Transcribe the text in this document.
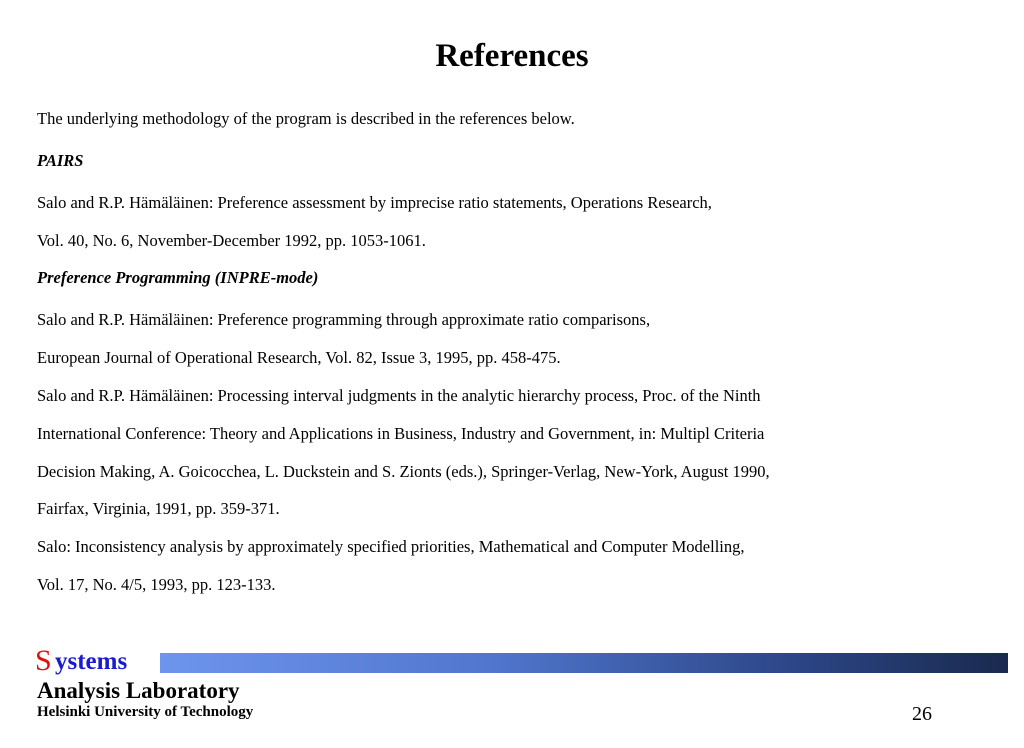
References
The underlying methodology of the program is described in the references below.
PAIRS
Salo and R.P. Hämäläinen: Preference assessment by imprecise ratio statements, Operations Research,
Vol. 40, No. 6, November-December 1992, pp. 1053-1061.
Preference Programming (INPRE-mode)
Salo and R.P. Hämäläinen: Preference programming through approximate ratio comparisons,
European Journal of Operational Research, Vol. 82, Issue 3, 1995, pp. 458-475.
Salo and R.P. Hämäläinen: Processing interval judgments in the analytic hierarchy process, Proc. of the Ninth
International Conference: Theory and Applications in Business, Industry and Government, in: Multipl Criteria
Decision Making, A. Goicocchea, L. Duckstein and S. Zionts (eds.), Springer-Verlag, New-York, August 1990,
Fairfax, Virginia, 1991, pp. 359-371.
Salo: Inconsistency analysis by approximately specified priorities, Mathematical and Computer Modelling,
Vol. 17, No. 4/5, 1993, pp. 123-133.
S ystems
Analysis Laboratory
Helsinki University of Technology	26
